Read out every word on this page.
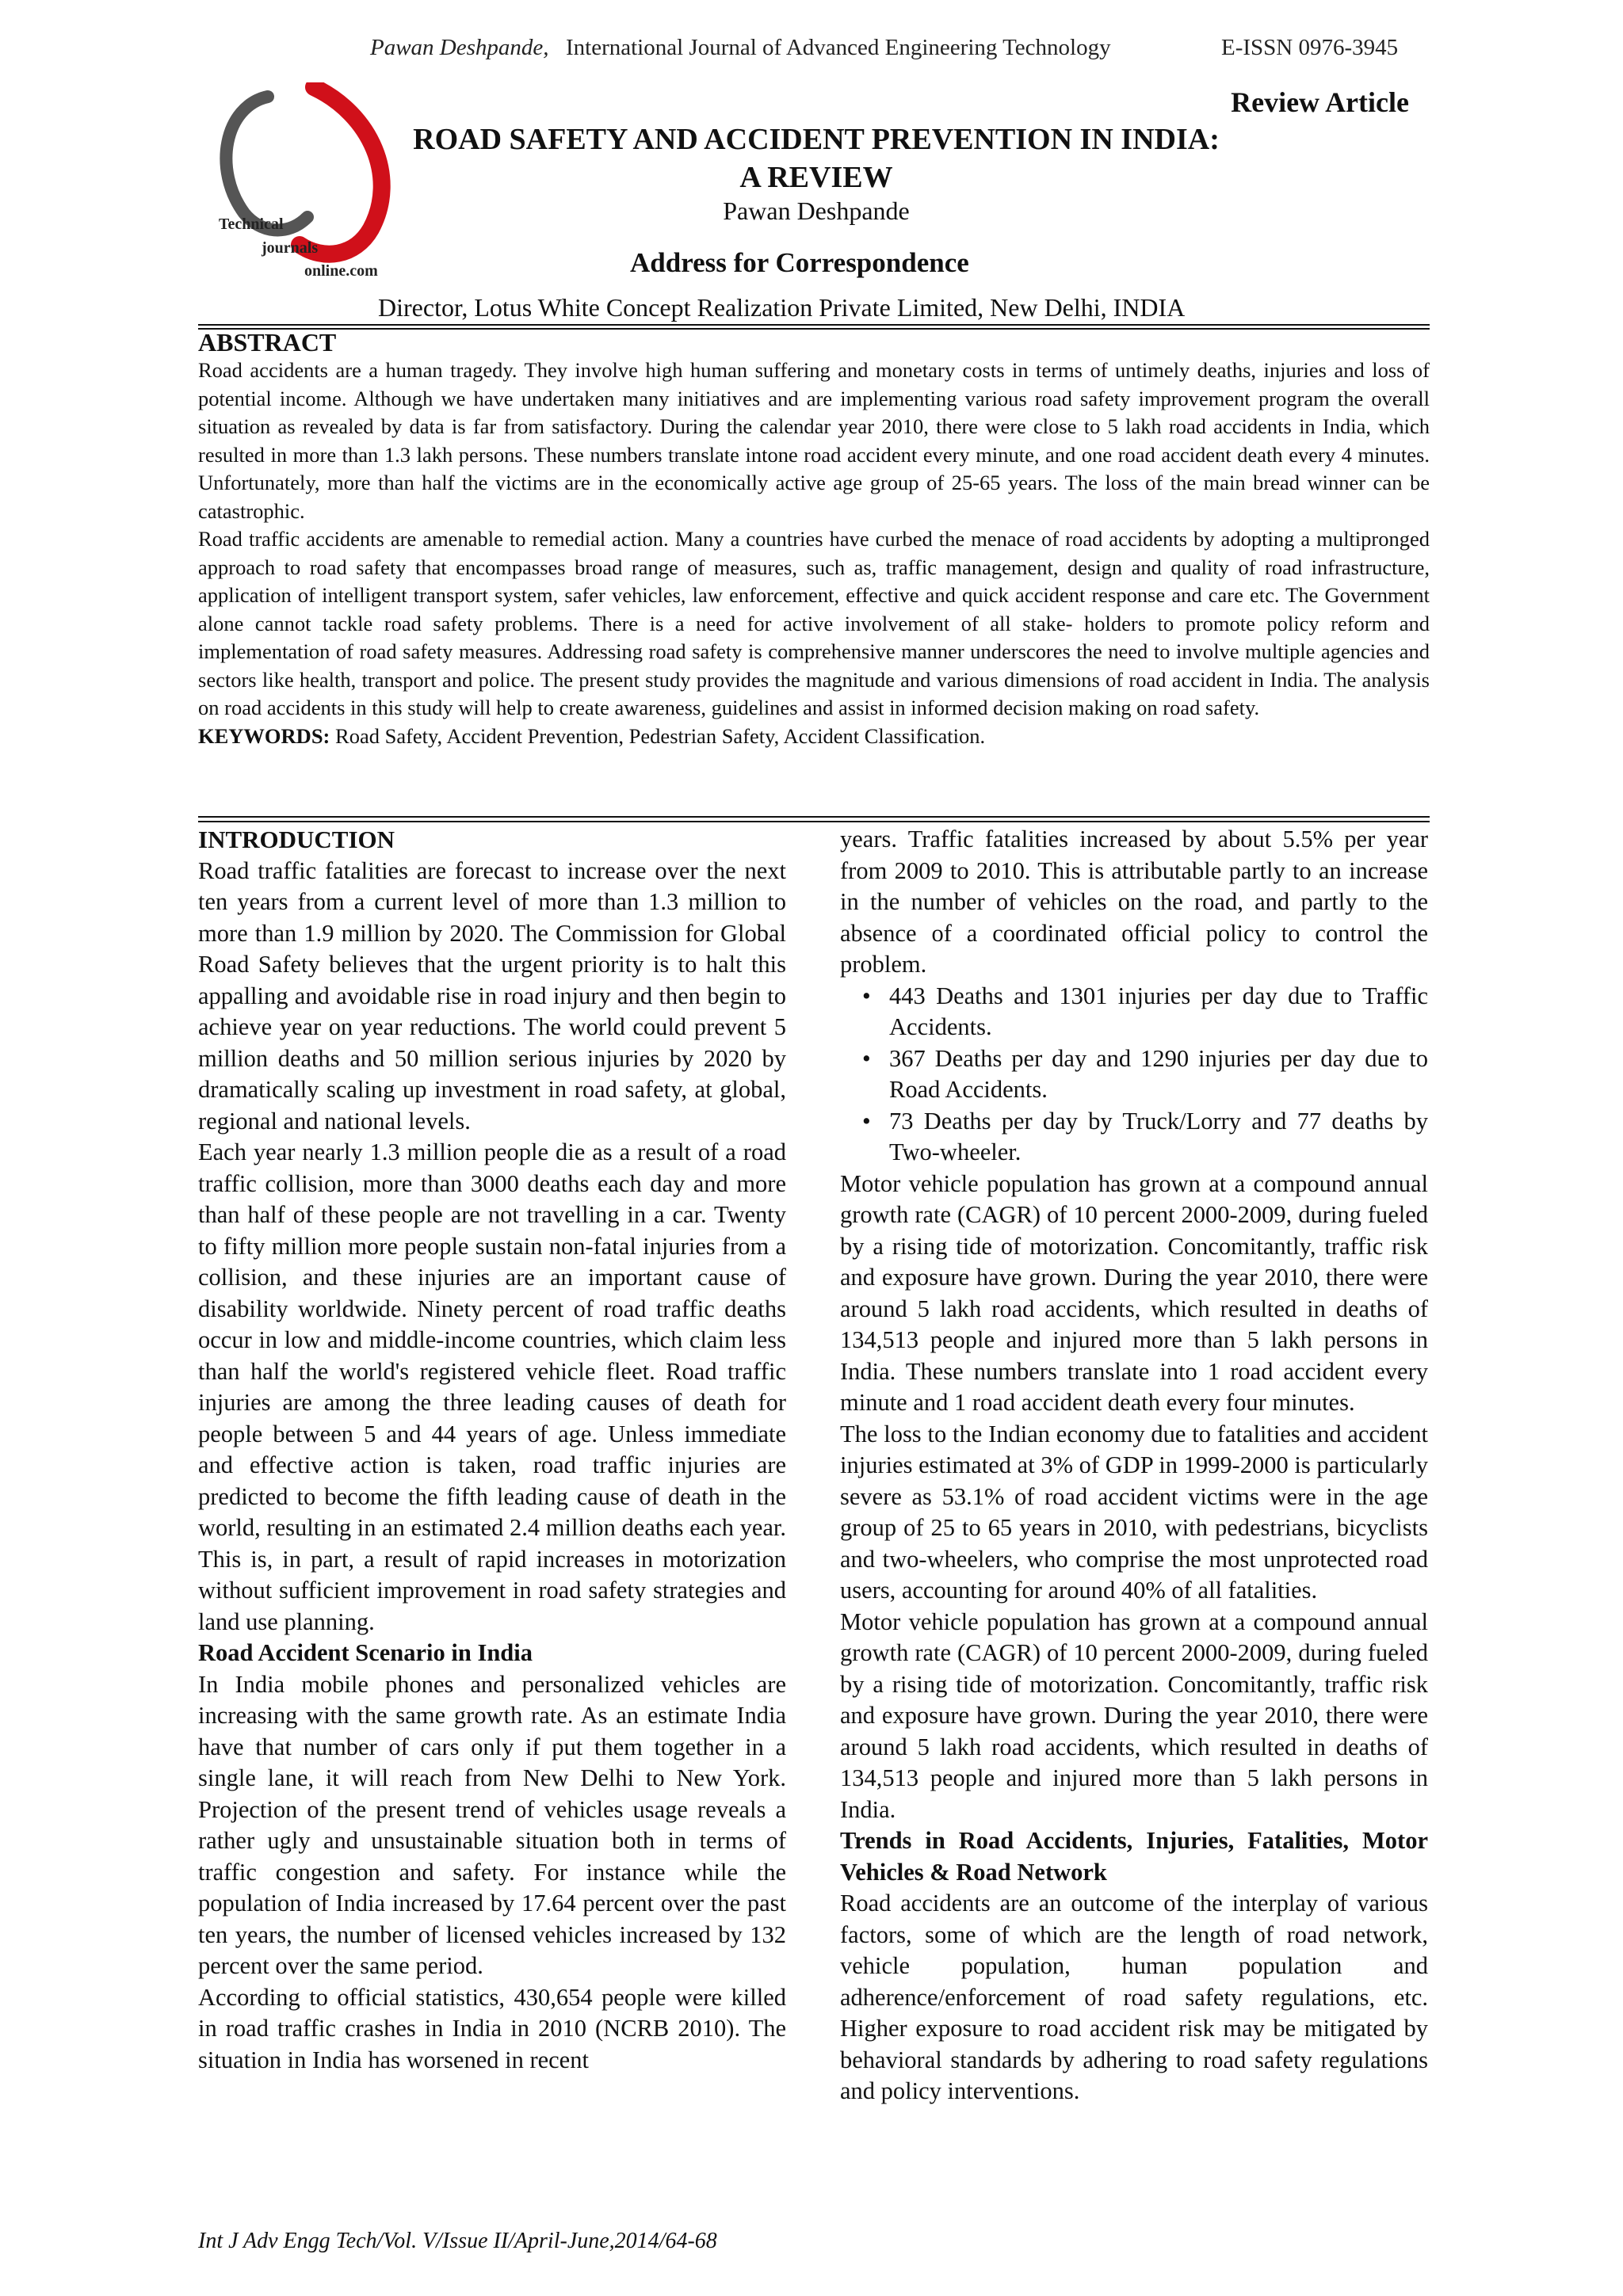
Pawan Deshpande, International Journal of Advanced Engineering Technology	E-ISSN 0976-3945
Technical
journals
online.com
Review Article
ROAD SAFETY AND ACCIDENT PREVENTION IN INDIA:
A REVIEW
Pawan Deshpande
Address for Correspondence
Director, Lotus White Concept Realization Private Limited, New Delhi, INDIA
ABSTRACT

Road accidents are a human tragedy. They involve high human suffering and monetary costs in terms of untimely deaths, injuries and loss of potential income. Although we have undertaken many initiatives and are implementing various road safety improvement program the overall situation as revealed by data is far from satisfactory. During the calendar year 2010, there were close to 5 lakh road accidents in India, which resulted in more than 1.3 lakh persons. These numbers translate intone road accident every minute, and one road accident death every 4 minutes. Unfortunately, more than half the victims are in the economically active age group of 25-65 years. The loss of the main bread winner can be catastrophic.

Road traffic accidents are amenable to remedial action. Many a countries have curbed the menace of road accidents by adopting a multipronged approach to road safety that encompasses broad range of measures, such as, traffic management, design and quality of road infrastructure, application of intelligent transport system, safer vehicles, law enforcement, effective and quick accident response and care etc. The Government alone cannot tackle road safety problems. There is a need for active involvement of all stake- holders to promote policy reform and implementation of road safety measures. Addressing road safety is comprehensive manner underscores the need to involve multiple agencies and sectors like health, transport and police. The present study provides the magnitude and various dimensions of road accident in India. The analysis on road accidents in this study will help to create awareness, guidelines and assist in informed decision making on road safety.

KEYWORDS: Road Safety, Accident Prevention, Pedestrian Safety, Accident Classification.

INTRODUCTION

Road traffic fatalities are forecast to increase over the next ten years from a current level of more than 1.3 million to more than 1.9 million by 2020. The Commission for Global Road Safety believes that the urgent priority is to halt this appalling and avoidable rise in road injury and then begin to achieve year on year reductions. The world could prevent 5 million deaths and 50 million serious injuries by 2020 by dramatically scaling up investment in road safety, at global, regional and national levels.

Each year nearly 1.3 million people die as a result of a road traffic collision, more than 3000 deaths each day and more than half of these people are not travelling in a car. Twenty to fifty million more people sustain non-fatal injuries from a collision, and these injuries are an important cause of disability worldwide. Ninety percent of road traffic deaths occur in low and middle-income countries, which claim less than half the world's registered vehicle fleet. Road traffic injuries are among the three leading causes of death for people between 5 and 44 years of age. Unless immediate and effective action is taken, road traffic injuries are predicted to become the fifth leading cause of death in the world, resulting in an estimated 2.4 million deaths each year. This is, in part, a result of rapid increases in motorization without sufficient improvement in road safety strategies and land use planning.

Road Accident Scenario in India

In India mobile phones and personalized vehicles are increasing with the same growth rate. As an estimate India have that number of cars only if put them together in a single lane, it will reach from New Delhi to New York. Projection of the present trend of vehicles usage reveals a rather ugly and unsustainable situation both in terms of traffic congestion and safety. For instance while the population of India increased by 17.64 percent over the past ten years, the number of licensed vehicles increased by 132 percent over the same period.

According to official statistics, 430,654 people were killed in road traffic crashes in India in 2010 (NCRB 2010). The situation in India has worsened in recent

years. Traffic fatalities increased by about 5.5% per year from 2009 to 2010. This is attributable partly to an increase in the number of vehicles on the road, and partly to the absence of a coordinated official policy to control the problem.

• 443 Deaths and 1301 injuries per day due to Traffic Accidents.
• 367 Deaths per day and 1290 injuries per day due to Road Accidents.
• 73 Deaths per day by Truck/Lorry and 77 deaths by Two-wheeler.

Motor vehicle population has grown at a compound annual growth rate (CAGR) of 10 percent 2000-2009, during fueled by a rising tide of motorization. Concomitantly, traffic risk and exposure have grown. During the year 2010, there were around 5 lakh road accidents, which resulted in deaths of 134,513 people and injured more than 5 lakh persons in India. These numbers translate into 1 road accident every minute and 1 road accident death every four minutes.

The loss to the Indian economy due to fatalities and accident injuries estimated at 3% of GDP in 1999-2000 is particularly severe as 53.1% of road accident victims were in the age group of 25 to 65 years in 2010, with pedestrians, bicyclists and two-wheelers, who comprise the most unprotected road users, accounting for around 40% of all fatalities.

Motor vehicle population has grown at a compound annual growth rate (CAGR) of 10 percent 2000-2009, during fueled by a rising tide of motorization. Concomitantly, traffic risk and exposure have grown. During the year 2010, there were around 5 lakh road accidents, which resulted in deaths of 134,513 people and injured more than 5 lakh persons in India.

Trends in Road Accidents, Injuries, Fatalities, Motor Vehicles & Road Network

Road accidents are an outcome of the interplay of various factors, some of which are the length of road network, vehicle population, human population and adherence/enforcement of road safety regulations, etc. Higher exposure to road accident risk may be mitigated by behavioral standards by adhering to road safety regulations and policy interventions.

Int J Adv Engg Tech/Vol. V/Issue II/April-June,2014/64-68
